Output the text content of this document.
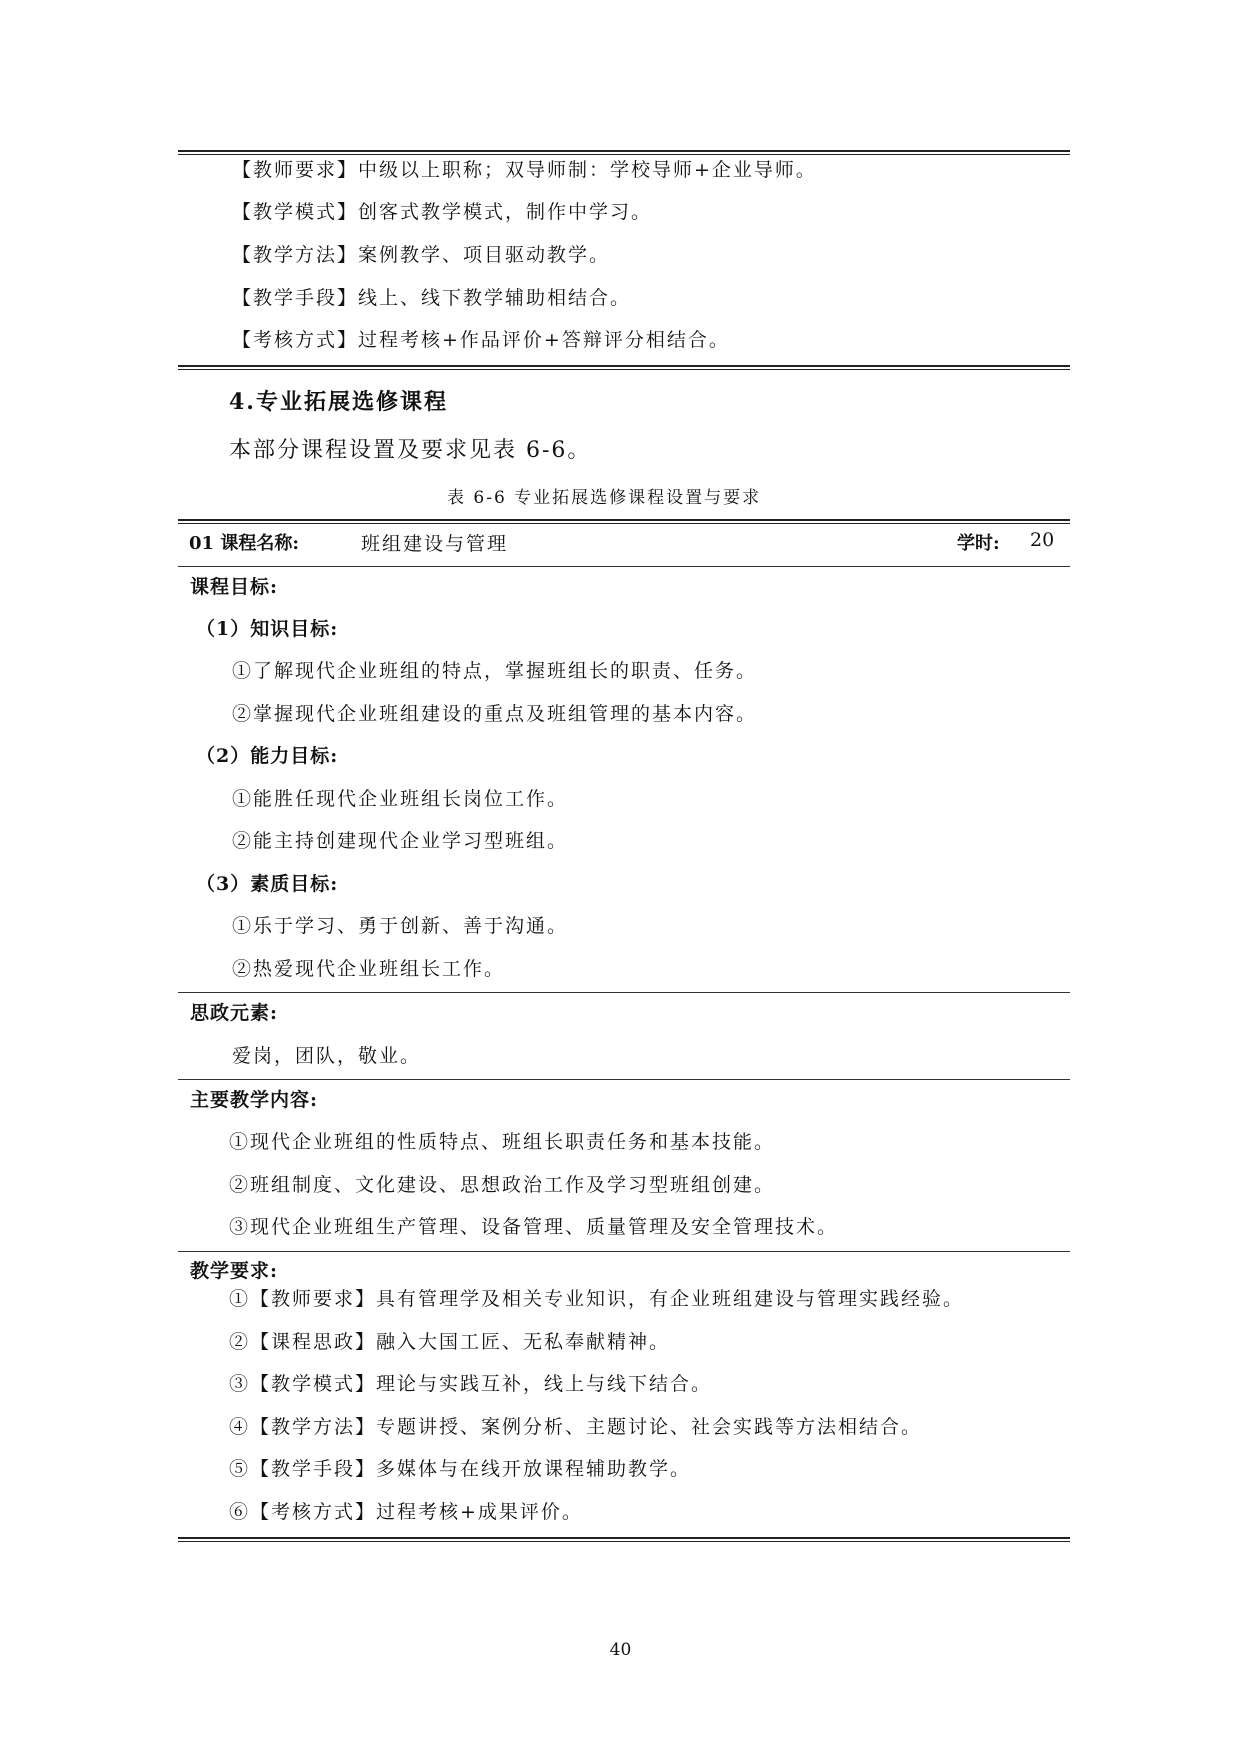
【教师要求】中级以上职称；双导师制：学校导师+企业导师。
【教学模式】创客式教学模式，制作中学习。
【教学方法】案例教学、项目驱动教学。
【教学手段】线上、线下教学辅助相结合。
【考核方式】过程考核+作品评价+答辩评分相结合。
4.专业拓展选修课程
本部分课程设置及要求见表 6-6。
表 6-6 专业拓展选修课程设置与要求
01 课程名称:	班组建设与管理	学时: 20
课程目标:
（1）知识目标:
①了解现代企业班组的特点，掌握班组长的职责、任务。
②掌握现代企业班组建设的重点及班组管理的基本内容。
（2）能力目标:
①能胜任现代企业班组长岗位工作。
②能主持创建现代企业学习型班组。
（3）素质目标:
①乐于学习、勇于创新、善于沟通。
②热爱现代企业班组长工作。
思政元素:
爱岗，团队，敬业。
主要教学内容:
①现代企业班组的性质特点、班组长职责任务和基本技能。
②班组制度、文化建设、思想政治工作及学习型班组创建。
③现代企业班组生产管理、设备管理、质量管理及安全管理技术。
教学要求:
①【教师要求】具有管理学及相关专业知识，有企业班组建设与管理实践经验。
②【课程思政】融入大国工匠、无私奉献精神。
③【教学模式】理论与实践互补，线上与线下结合。
④【教学方法】专题讲授、案例分析、主题讨论、社会实践等方法相结合。
⑤【教学手段】多媒体与在线开放课程辅助教学。
⑥【考核方式】过程考核+成果评价。
40
